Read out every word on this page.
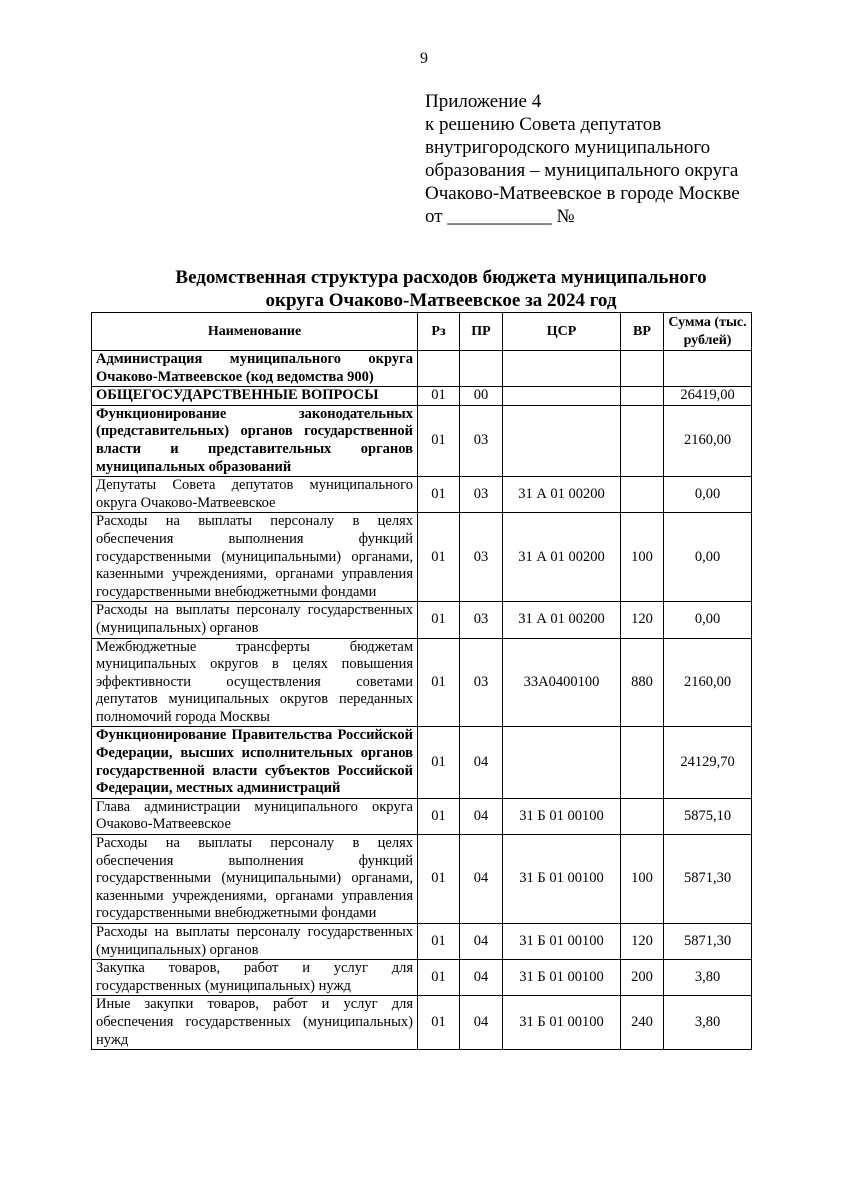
9
Приложение 4
к решению Совета депутатов
внутригородского муниципального
образования – муниципального округа
Очаково-Матвеевское в городе Москве
от ___________ №
Ведомственная структура расходов бюджета муниципального
округа Очаково-Матвеевское за 2024 год
Наименование	Рз	ПР	ЦСР	ВР	Сумма (тыс. рублей)
Администрация муниципального округа Очаково-Матвеевское (код ведомства 900)					
ОБЩЕГОСУДАРСТВЕННЫЕ ВОПРОСЫ	01	00			26419,00
Функционирование законодательных (представительных) органов государственной власти и представительных органов муниципальных образований	01	03			2160,00
Депутаты Совета депутатов муниципального округа Очаково-Матвеевское	01	03	31 А 01 00200		0,00
Расходы на выплаты персоналу в целях обеспечения выполнения функций государственными (муниципальными) органами, казенными учреждениями, органами управления государственными внебюджетными фондами	01	03	31 А 01 00200	100	0,00
Расходы на выплаты персоналу государственных (муниципальных) органов	01	03	31 А 01 00200	120	0,00
Межбюджетные трансферты бюджетам муниципальных округов в целях повышения эффективности осуществления советами депутатов муниципальных округов переданных полномочий города Москвы	01	03	33А0400100	880	2160,00
Функционирование Правительства Российской Федерации, высших исполнительных органов государственной власти субъектов Российской Федерации, местных администраций	01	04			24129,70
Глава администрации муниципального округа Очаково-Матвеевское	01	04	31 Б 01 00100		5875,10
Расходы на выплаты персоналу в целях обеспечения выполнения функций государственными (муниципальными) органами, казенными учреждениями, органами управления государственными внебюджетными фондами	01	04	31 Б 01 00100	100	5871,30
Расходы на выплаты персоналу государственных (муниципальных) органов	01	04	31 Б 01 00100	120	5871,30
Закупка товаров, работ и услуг для государственных (муниципальных) нужд	01	04	31 Б 01 00100	200	3,80
Иные закупки товаров, работ и услуг для обеспечения государственных (муниципальных) нужд	01	04	31 Б 01 00100	240	3,80
